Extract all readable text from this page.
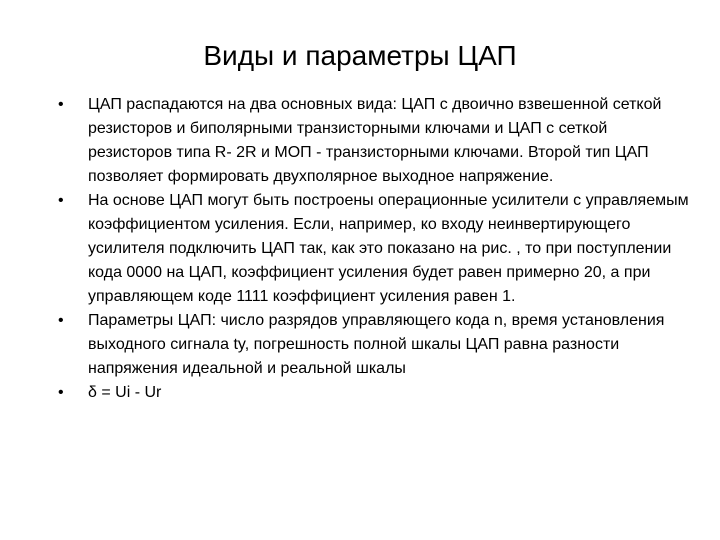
Виды и параметры ЦАП
•	ЦАП распадаются на два основных вида: ЦАП с двоично взвешенной сеткой резисторов и биполярными транзисторными ключами и ЦАП с сеткой резисторов типа R- 2R и МОП - транзисторными ключами. Второй тип ЦАП позволяет формировать двухполярное выходное напряжение.
•	На основе ЦАП могут быть построены операционные усилители с управляемым коэффициентом усиления. Если, например, ко входу неинвертирующего усилителя подключить ЦАП так, как это показано на рис. , то при поступлении кода 0000 на ЦАП, коэффициент усиления будет равен примерно 20, а при управляющем коде 1111 коэффициент усиления равен 1.
•	Параметры ЦАП: число разрядов управляющего кода n, время установления выходного сигнала ty, погрешность полной шкалы ЦАП равна разности напряжения идеальной и реальной шкалы
•	δ = Ui - Ur
